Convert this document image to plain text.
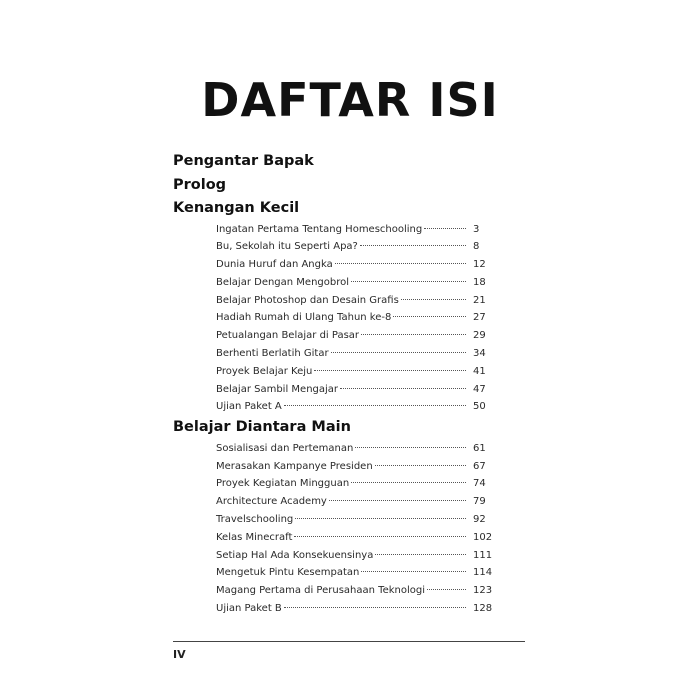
DAFTAR ISI
Pengantar Bapak
Prolog
Kenangan Kecil
Ingatan Pertama Tentang Homeschooling	3
Bu, Sekolah itu Seperti Apa?	8
Dunia Huruf dan Angka	12
Belajar Dengan Mengobrol	18
Belajar Photoshop dan Desain Grafis	21
Hadiah Rumah di Ulang Tahun ke-8	27
Petualangan Belajar di Pasar	29
Berhenti Berlatih Gitar	34
Proyek Belajar Keju	41
Belajar Sambil Mengajar	47
Ujian Paket A	50
Belajar Diantara Main
Sosialisasi dan Pertemanan	61
Merasakan Kampanye Presiden	67
Proyek Kegiatan Mingguan	74
Architecture Academy	79
Travelschooling	92
Kelas Minecraft	102
Setiap Hal Ada Konsekuensinya	111
Mengetuk Pintu Kesempatan	114
Magang Pertama di Perusahaan Teknologi	123
Ujian Paket B	128
IV
